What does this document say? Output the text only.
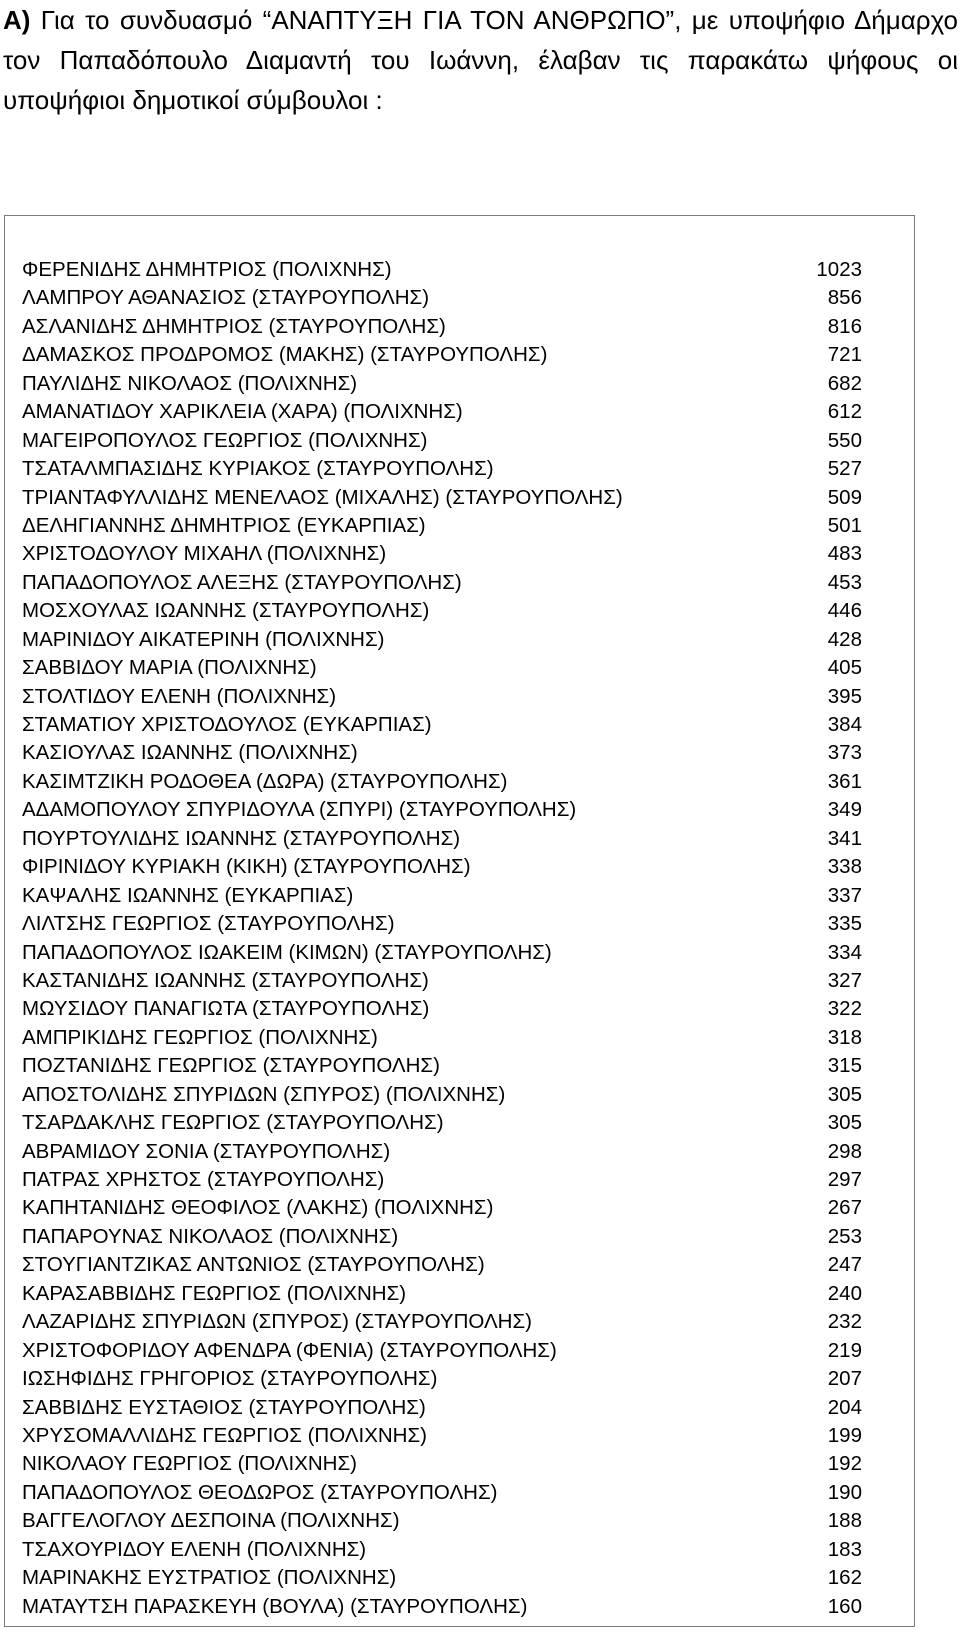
Α) Για το συνδυασμό “ΑΝΑΠΤΥΞΗ ΓΙΑ ΤΟΝ ΑΝΘΡΩΠΟ”, με υποψήφιο Δήμαρχο τον Παπαδόπουλο Διαμαντή του Ιωάννη, έλαβαν τις παρακάτω ψήφους οι υποψήφιοι δημοτικοί σύμβουλοι :
ΦΕΡΕΝΙΔΗΣ ΔΗΜΗΤΡΙΟΣ (ΠΟΛΙΧΝΗΣ)	1023
ΛΑΜΠΡΟΥ ΑΘΑΝΑΣΙΟΣ (ΣΤΑΥΡΟΥΠΟΛΗΣ)	856
ΑΣΛΑΝΙΔΗΣ ΔΗΜΗΤΡΙΟΣ (ΣΤΑΥΡΟΥΠΟΛΗΣ)	816
ΔΑΜΑΣΚΟΣ ΠΡΟΔΡΟΜΟΣ (ΜΑΚΗΣ) (ΣΤΑΥΡΟΥΠΟΛΗΣ)	721
ΠΑΥΛΙΔΗΣ ΝΙΚΟΛΑΟΣ (ΠΟΛΙΧΝΗΣ)	682
ΑΜΑΝΑΤΙΔΟΥ ΧΑΡΙΚΛΕΙΑ (ΧΑΡΑ) (ΠΟΛΙΧΝΗΣ)	612
ΜΑΓΕΙΡΟΠΟΥΛΟΣ ΓΕΩΡΓΙΟΣ (ΠΟΛΙΧΝΗΣ)	550
ΤΣΑΤΑΛΜΠΑΣΙΔΗΣ ΚΥΡΙΑΚΟΣ (ΣΤΑΥΡΟΥΠΟΛΗΣ)	527
ΤΡΙΑΝΤΑΦΥΛΛΙΔΗΣ ΜΕΝΕΛΑΟΣ (ΜΙΧΑΛΗΣ) (ΣΤΑΥΡΟΥΠΟΛΗΣ)	509
ΔΕΛΗΓΙΑΝΝΗΣ ΔΗΜΗΤΡΙΟΣ (ΕΥΚΑΡΠΙΑΣ)	501
ΧΡΙΣΤΟΔΟΥΛΟΥ ΜΙΧΑΗΛ (ΠΟΛΙΧΝΗΣ)	483
ΠΑΠΑΔΟΠΟΥΛΟΣ ΑΛΕΞΗΣ (ΣΤΑΥΡΟΥΠΟΛΗΣ)	453
ΜΟΣΧΟΥΛΑΣ ΙΩΑΝΝΗΣ (ΣΤΑΥΡΟΥΠΟΛΗΣ)	446
ΜΑΡΙΝΙΔΟΥ ΑΙΚΑΤΕΡΙΝΗ (ΠΟΛΙΧΝΗΣ)	428
ΣΑΒΒΙΔΟΥ ΜΑΡΙΑ (ΠΟΛΙΧΝΗΣ)	405
ΣΤΟΛΤΙΔΟΥ ΕΛΕΝΗ (ΠΟΛΙΧΝΗΣ)	395
ΣΤΑΜΑΤΙΟΥ ΧΡΙΣΤΟΔΟΥΛΟΣ (ΕΥΚΑΡΠΙΑΣ)	384
ΚΑΣΙΟΥΛΑΣ ΙΩΑΝΝΗΣ (ΠΟΛΙΧΝΗΣ)	373
ΚΑΣΙΜΤΖΙΚΗ ΡΟΔΟΘΕΑ (ΔΩΡΑ) (ΣΤΑΥΡΟΥΠΟΛΗΣ)	361
ΑΔΑΜΟΠΟΥΛΟΥ ΣΠΥΡΙΔΟΥΛΑ (ΣΠΥΡΙ) (ΣΤΑΥΡΟΥΠΟΛΗΣ)	349
ΠΟΥΡΤΟΥΛΙΔΗΣ ΙΩΑΝΝΗΣ (ΣΤΑΥΡΟΥΠΟΛΗΣ)	341
ΦΙΡΙΝΙΔΟΥ ΚΥΡΙΑΚΗ (ΚΙΚΗ) (ΣΤΑΥΡΟΥΠΟΛΗΣ)	338
ΚΑΨΑΛΗΣ ΙΩΑΝΝΗΣ (ΕΥΚΑΡΠΙΑΣ)	337
ΛΙΛΤΣΗΣ ΓΕΩΡΓΙΟΣ (ΣΤΑΥΡΟΥΠΟΛΗΣ)	335
ΠΑΠΑΔΟΠΟΥΛΟΣ ΙΩΑΚΕΙΜ (ΚΙΜΩΝ) (ΣΤΑΥΡΟΥΠΟΛΗΣ)	334
ΚΑΣΤΑΝΙΔΗΣ ΙΩΑΝΝΗΣ (ΣΤΑΥΡΟΥΠΟΛΗΣ)	327
ΜΩΥΣΙΔΟΥ ΠΑΝΑΓΙΩΤΑ (ΣΤΑΥΡΟΥΠΟΛΗΣ)	322
ΑΜΠΡΙΚΙΔΗΣ ΓΕΩΡΓΙΟΣ (ΠΟΛΙΧΝΗΣ)	318
ΠΟΖΤΑΝΙΔΗΣ ΓΕΩΡΓΙΟΣ (ΣΤΑΥΡΟΥΠΟΛΗΣ)	315
ΑΠΟΣΤΟΛΙΔΗΣ ΣΠΥΡΙΔΩΝ (ΣΠΥΡΟΣ) (ΠΟΛΙΧΝΗΣ)	305
ΤΣΑΡΔΑΚΛΗΣ ΓΕΩΡΓΙΟΣ (ΣΤΑΥΡΟΥΠΟΛΗΣ)	305
ΑΒΡΑΜΙΔΟΥ ΣΟΝΙΑ (ΣΤΑΥΡΟΥΠΟΛΗΣ)	298
ΠΑΤΡΑΣ ΧΡΗΣΤΟΣ (ΣΤΑΥΡΟΥΠΟΛΗΣ)	297
ΚΑΠΗΤΑΝΙΔΗΣ ΘΕΟΦΙΛΟΣ (ΛΑΚΗΣ) (ΠΟΛΙΧΝΗΣ)	267
ΠΑΠΑΡΟΥΝΑΣ ΝΙΚΟΛΑΟΣ (ΠΟΛΙΧΝΗΣ)	253
ΣΤΟΥΓΙΑΝΤΖΙΚΑΣ ΑΝΤΩΝΙΟΣ (ΣΤΑΥΡΟΥΠΟΛΗΣ)	247
ΚΑΡΑΣΑΒΒΙΔΗΣ ΓΕΩΡΓΙΟΣ (ΠΟΛΙΧΝΗΣ)	240
ΛΑΖΑΡΙΔΗΣ ΣΠΥΡΙΔΩΝ (ΣΠΥΡΟΣ) (ΣΤΑΥΡΟΥΠΟΛΗΣ)	232
ΧΡΙΣΤΟΦΟΡΙΔΟΥ ΑΦΕΝΔΡΑ (ΦΕΝΙΑ) (ΣΤΑΥΡΟΥΠΟΛΗΣ)	219
ΙΩΣΗΦΙΔΗΣ ΓΡΗΓΟΡΙΟΣ (ΣΤΑΥΡΟΥΠΟΛΗΣ)	207
ΣΑΒΒΙΔΗΣ ΕΥΣΤΑΘΙΟΣ (ΣΤΑΥΡΟΥΠΟΛΗΣ)	204
ΧΡΥΣΟΜΑΛΛΙΔΗΣ ΓΕΩΡΓΙΟΣ (ΠΟΛΙΧΝΗΣ)	199
ΝΙΚΟΛΑΟΥ ΓΕΩΡΓΙΟΣ (ΠΟΛΙΧΝΗΣ)	192
ΠΑΠΑΔΟΠΟΥΛΟΣ ΘΕΟΔΩΡΟΣ (ΣΤΑΥΡΟΥΠΟΛΗΣ)	190
ΒΑΓΓΕΛΟΓΛΟΥ ΔΕΣΠΟΙΝΑ (ΠΟΛΙΧΝΗΣ)	188
ΤΣΑΧΟΥΡΙΔΟΥ ΕΛΕΝΗ (ΠΟΛΙΧΝΗΣ)	183
ΜΑΡΙΝΑΚΗΣ ΕΥΣΤΡΑΤΙΟΣ (ΠΟΛΙΧΝΗΣ)	162
ΜΑΤΑΥΤΣΗ ΠΑΡΑΣΚΕΥΗ (ΒΟΥΛΑ) (ΣΤΑΥΡΟΥΠΟΛΗΣ)	160
